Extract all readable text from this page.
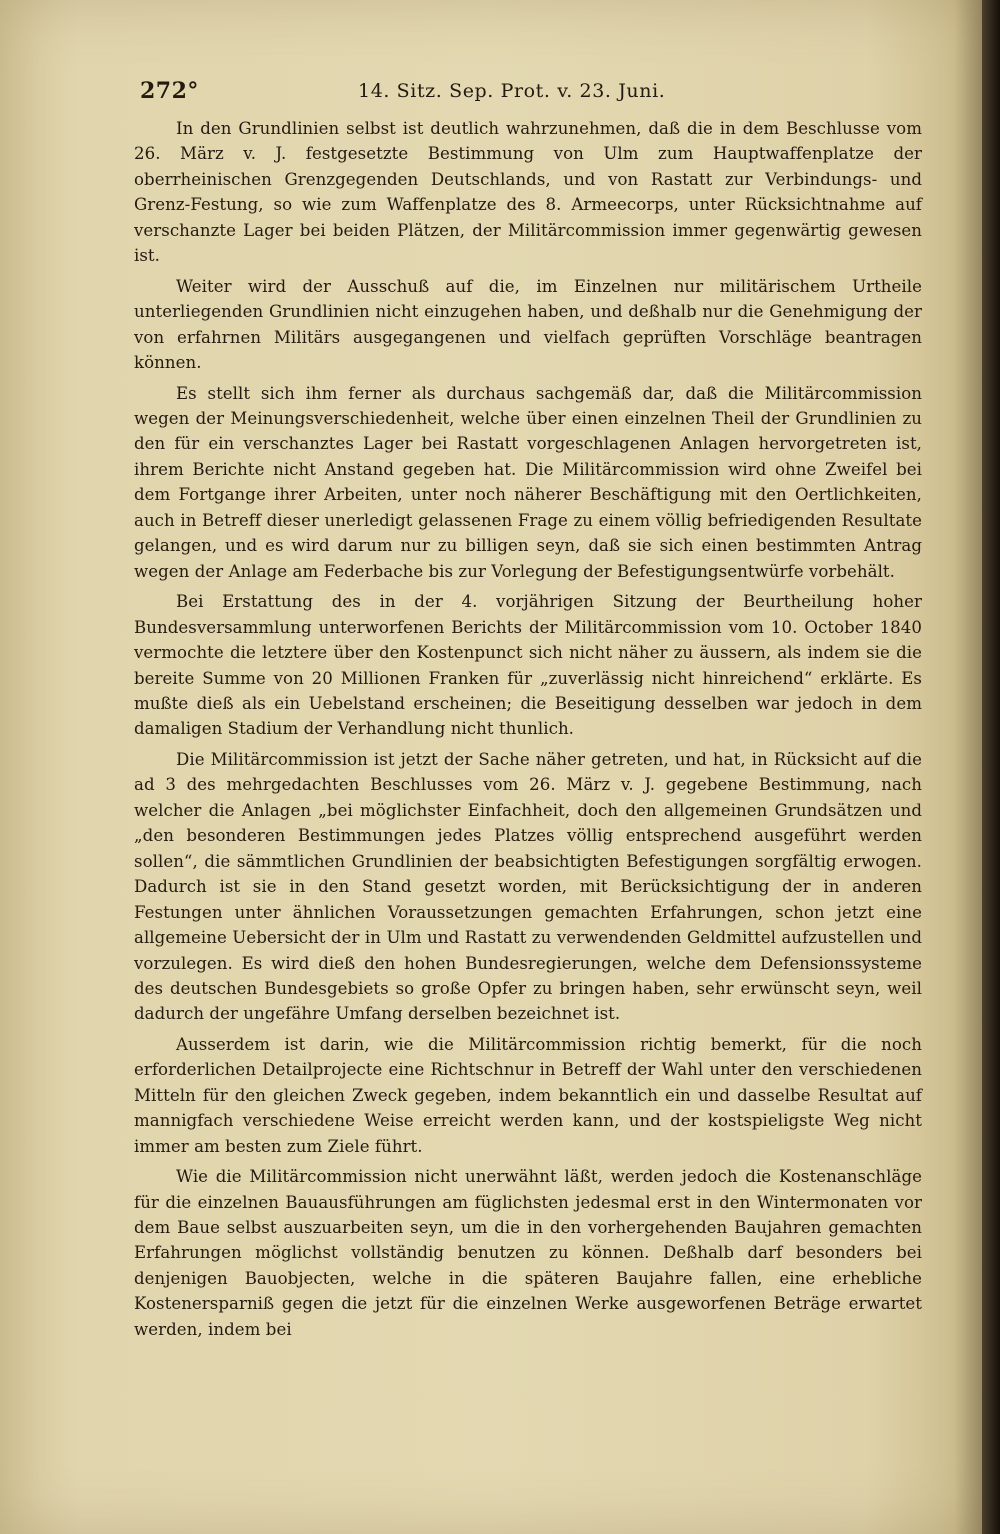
272°	14. Sitz. Sep. Prot. v. 23. Juni.

In den Grundlinien selbst ist deutlich wahrzunehmen, daß die in dem Beschlusse vom 26. März v. J. festgesetzte Bestimmung von Ulm zum Hauptwaffenplatze der oberrheinischen Grenzgegenden Deutschlands, und von Rastatt zur Verbindungs- und Grenz-Festung, so wie zum Waffenplatze des 8. Armeecorps, unter Rücksichtnahme auf verschanzte Lager bei beiden Plätzen, der Militärcommission immer gegenwärtig gewesen ist.

Weiter wird der Ausschuß auf die, im Einzelnen nur militärischem Urtheile unterliegenden Grundlinien nicht einzugehen haben, und deßhalb nur die Genehmigung der von erfahrnen Militärs ausgegangenen und vielfach geprüften Vorschläge beantragen können.

Es stellt sich ihm ferner als durchaus sachgemäß dar, daß die Militärcommission wegen der Meinungsverschiedenheit, welche über einen einzelnen Theil der Grundlinien zu den für ein verschanztes Lager bei Rastatt vorgeschlagenen Anlagen hervorgetreten ist, ihrem Berichte nicht Anstand gegeben hat. Die Militärcommission wird ohne Zweifel bei dem Fortgange ihrer Arbeiten, unter noch näherer Beschäftigung mit den Oertlichkeiten, auch in Betreff dieser unerledigt gelassenen Frage zu einem völlig befriedigenden Resultate gelangen, und es wird darum nur zu billigen seyn, daß sie sich einen bestimmten Antrag wegen der Anlage am Federbache bis zur Vorlegung der Befestigungsentwürfe vorbehält.

Bei Erstattung des in der 4. vorjährigen Sitzung der Beurtheilung hoher Bundesversammlung unterworfenen Berichts der Militärcommission vom 10. October 1840 vermochte die letztere über den Kostenpunct sich nicht näher zu äussern, als indem sie die bereite Summe von 20 Millionen Franken für „zuverlässig nicht hinreichend“ erklärte. Es mußte dieß als ein Uebelstand erscheinen; die Beseitigung desselben war jedoch in dem damaligen Stadium der Verhandlung nicht thunlich.

Die Militärcommission ist jetzt der Sache näher getreten, und hat, in Rücksicht auf die ad 3 des mehrgedachten Beschlusses vom 26. März v. J. gegebene Bestimmung, nach welcher die Anlagen „bei möglichster Einfachheit, doch den allgemeinen Grundsätzen und „den besonderen Bestimmungen jedes Platzes völlig entsprechend ausgeführt werden sollen“, die sämmtlichen Grundlinien der beabsichtigten Befestigungen sorgfältig erwogen. Dadurch ist sie in den Stand gesetzt worden, mit Berücksichtigung der in anderen Festungen unter ähnlichen Voraussetzungen gemachten Erfahrungen, schon jetzt eine allgemeine Uebersicht der in Ulm und Rastatt zu verwendenden Geldmittel aufzustellen und vorzulegen. Es wird dieß den hohen Bundesregierungen, welche dem Defensionssysteme des deutschen Bundesgebiets so große Opfer zu bringen haben, sehr erwünscht seyn, weil dadurch der ungefähre Umfang derselben bezeichnet ist.

Ausserdem ist darin, wie die Militärcommission richtig bemerkt, für die noch erforderlichen Detailprojecte eine Richtschnur in Betreff der Wahl unter den verschiedenen Mitteln für den gleichen Zweck gegeben, indem bekanntlich ein und dasselbe Resultat auf mannigfach verschiedene Weise erreicht werden kann, und der kostspieligste Weg nicht immer am besten zum Ziele führt.

Wie die Militärcommission nicht unerwähnt läßt, werden jedoch die Kostenanschläge für die einzelnen Bauausführungen am füglichsten jedesmal erst in den Wintermonaten vor dem Baue selbst auszuarbeiten seyn, um die in den vorhergehenden Baujahren gemachten Erfahrungen möglichst vollständig benutzen zu können. Deßhalb darf besonders bei denjenigen Bauobjecten, welche in die späteren Baujahre fallen, eine erhebliche Kostenersparniß gegen die jetzt für die einzelnen Werke ausgeworfenen Beträge erwartet werden, indem bei
